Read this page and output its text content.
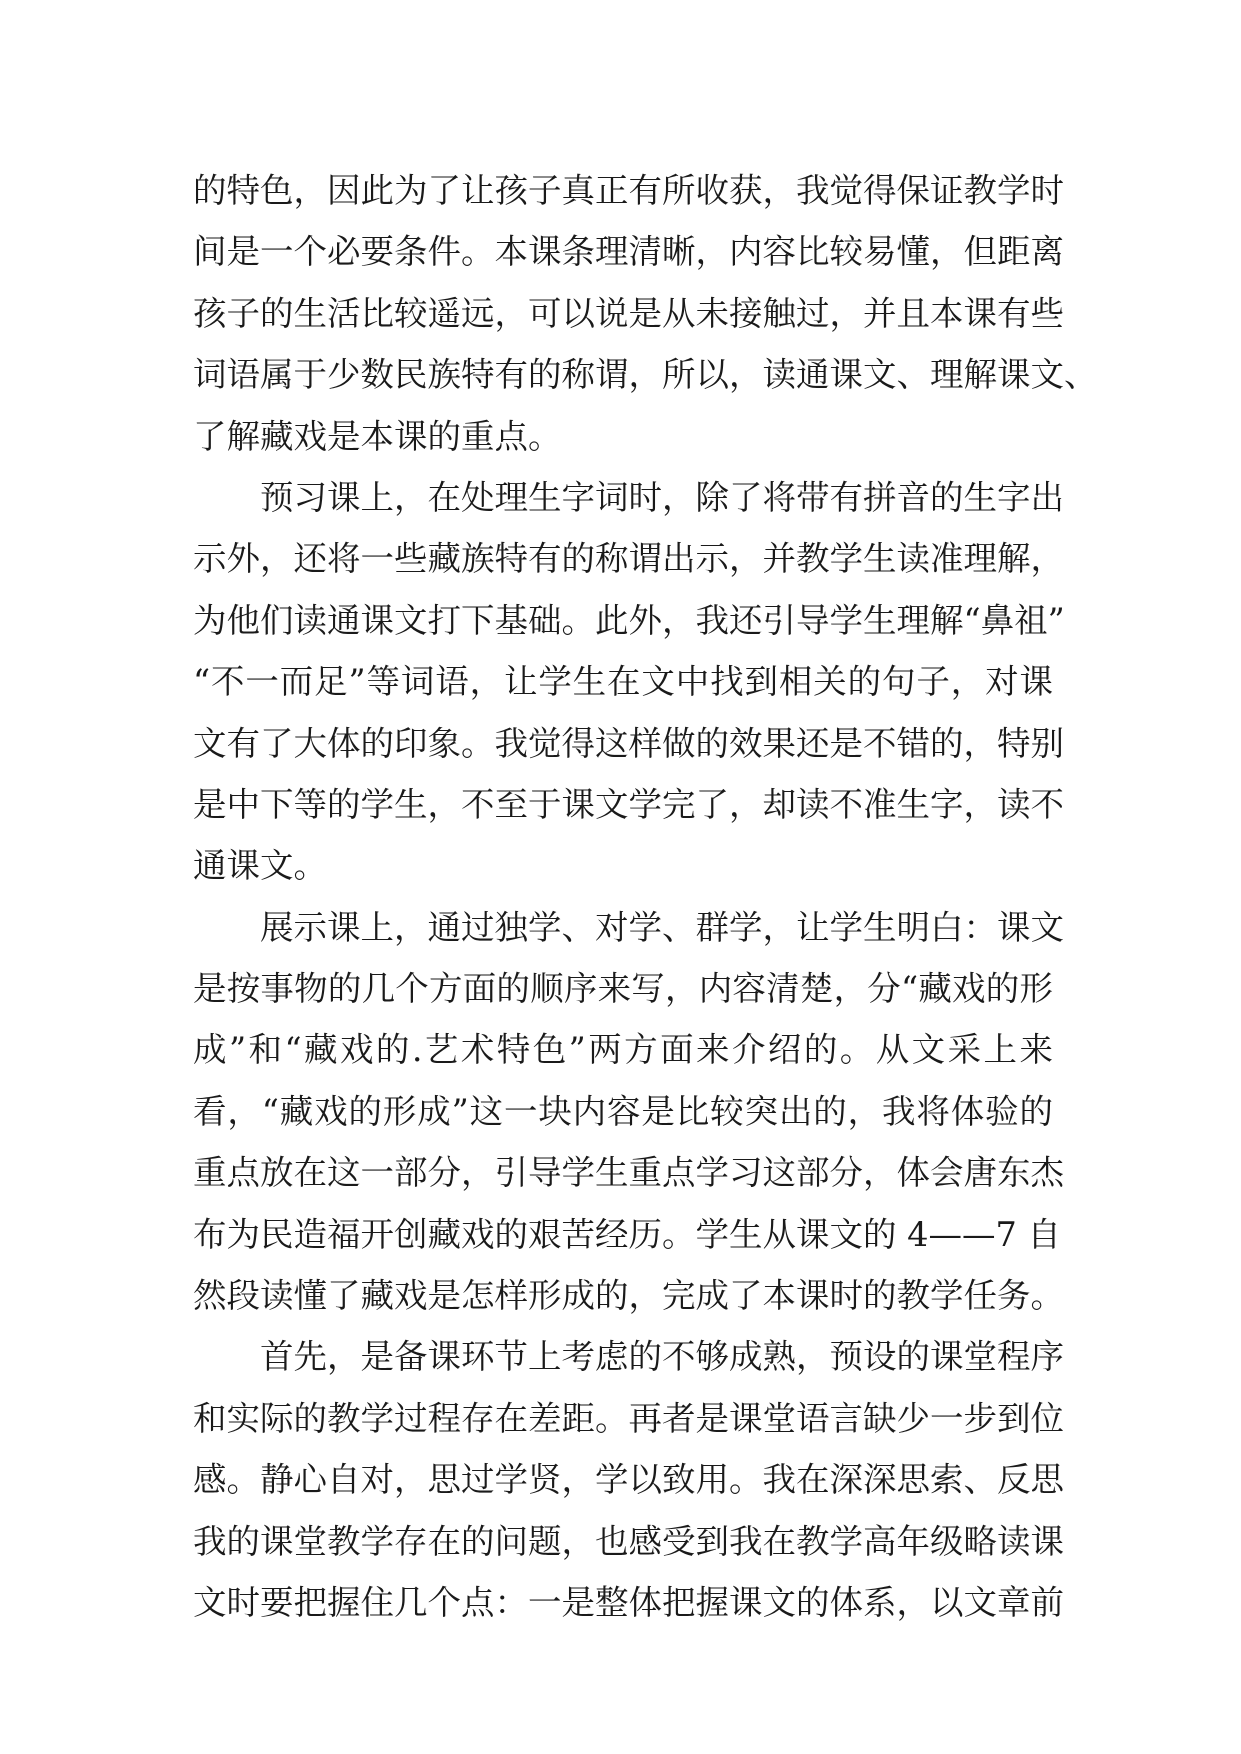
的特色，因此为了让孩子真正有所收获，我觉得保证教学时
间是一个必要条件。本课条理清晰，内容比较易懂，但距离
孩子的生活比较遥远，可以说是从未接触过，并且本课有些
词语属于少数民族特有的称谓，所以，读通课文、理解课文、
了解藏戏是本课的重点。
预习课上，在处理生字词时，除了将带有拼音的生字出
示外，还将一些藏族特有的称谓出示，并教学生读准理解，
为他们读通课文打下基础。此外，我还引导学生理解“鼻祖”
“不一而足”等词语，让学生在文中找到相关的句子，对课
文有了大体的印象。我觉得这样做的效果还是不错的，特别
是中下等的学生，不至于课文学完了，却读不准生字，读不
通课文。
展示课上，通过独学、对学、群学，让学生明白：课文
是按事物的几个方面的顺序来写，内容清楚，分“藏戏的形
成”和“藏戏的.艺术特色”两方面来介绍的。从文采上来
看，“藏戏的形成”这一块内容是比较突出的，我将体验的
重点放在这一部分，引导学生重点学习这部分，体会唐东杰
布为民造福开创藏戏的艰苦经历。学生从课文的 4——7 自
然段读懂了藏戏是怎样形成的，完成了本课时的教学任务。
首先，是备课环节上考虑的不够成熟，预设的课堂程序
和实际的教学过程存在差距。再者是课堂语言缺少一步到位
感。静心自对，思过学贤，学以致用。我在深深思索、反思
我的课堂教学存在的问题，也感受到我在教学高年级略读课
文时要把握住几个点：一是整体把握课文的体系，以文章前
